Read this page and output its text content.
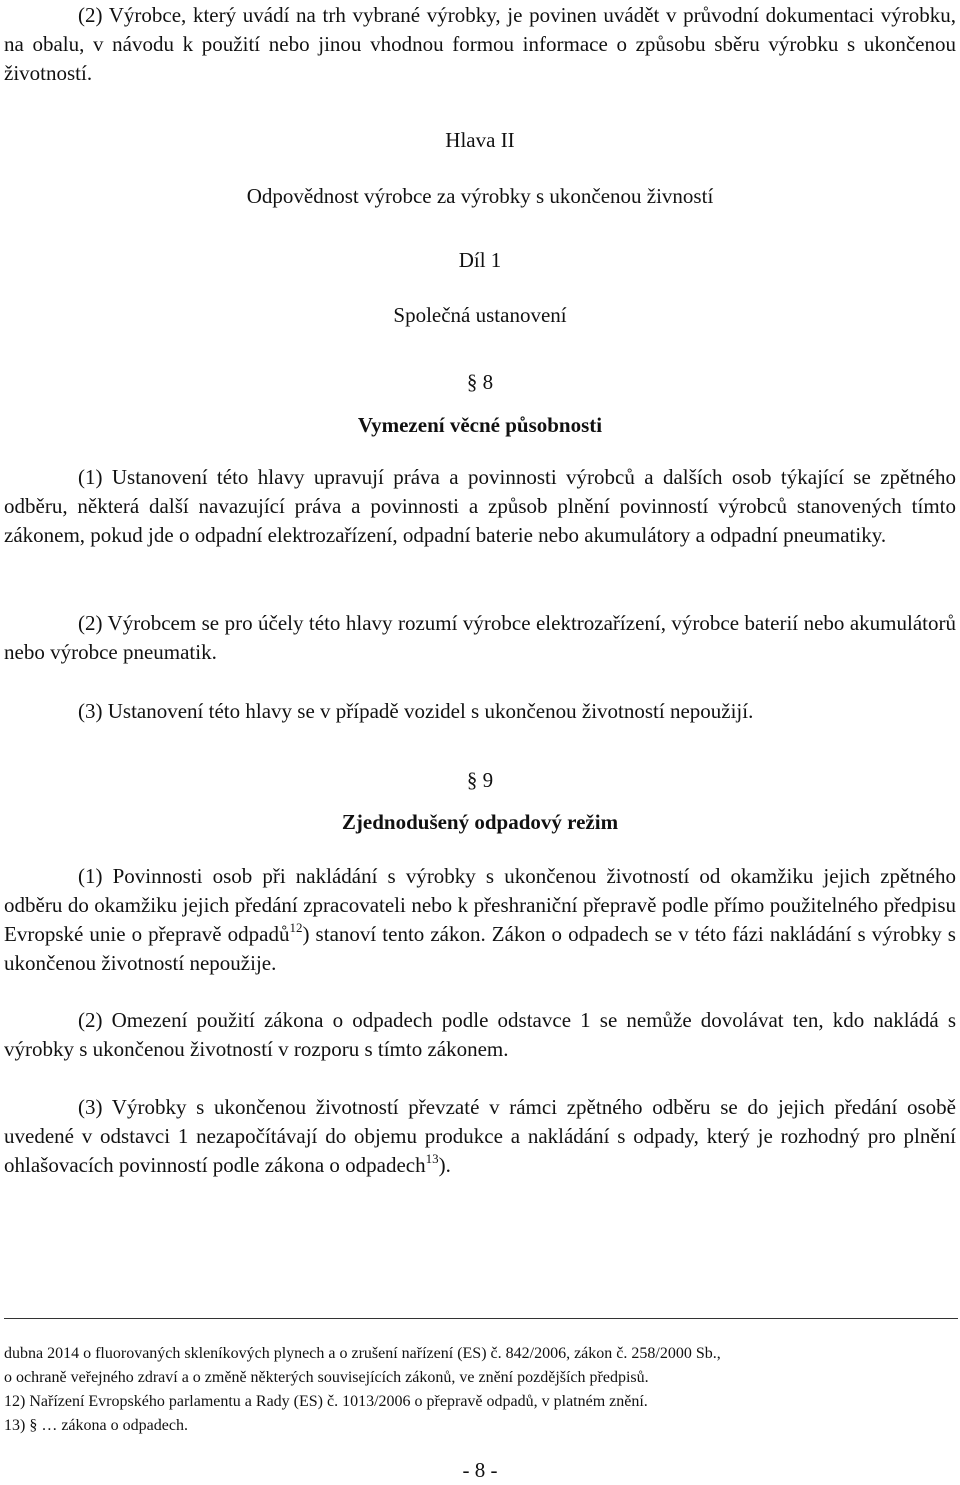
(2) Výrobce, který uvádí na trh vybrané výrobky, je povinen uvádět v průvodní dokumentaci výrobku, na obalu, v návodu k použití nebo jinou vhodnou formou informace o způsobu sběru výrobku s ukončenou životností.

Hlava II

Odpovědnost výrobce za výrobky s ukončenou živností

Díl 1

Společná ustanovení

§ 8

Vymezení věcné působnosti

(1) Ustanovení této hlavy upravují práva a povinnosti výrobců a dalších osob týkající se zpětného odběru, některá další navazující práva a povinnosti a způsob plnění povinností výrobců stanovených tímto zákonem, pokud jde o odpadní elektrozařízení, odpadní baterie nebo akumulátory a odpadní pneumatiky.

(2) Výrobcem se pro účely této hlavy rozumí výrobce elektrozařízení, výrobce baterií nebo akumulátorů nebo výrobce pneumatik.

(3) Ustanovení této hlavy se v případě vozidel s ukončenou životností nepoužijí.

§ 9

Zjednodušený odpadový režim

(1) Povinnosti osob při nakládání s výrobky s ukončenou životností od okamžiku jejich zpětného odběru do okamžiku jejich předání zpracovateli nebo k přeshraniční přepravě podle přímo použitelného předpisu Evropské unie o přepravě odpadů$^{12}$) stanoví tento zákon. Zákon o odpadech se v této fázi nakládání s výrobky s ukončenou životností nepoužije.

(2) Omezení použití zákona o odpadech podle odstavce 1 se nemůže dovolávat ten, kdo nakládá s výrobky s ukončenou životností v rozporu s tímto zákonem.

(3) Výrobky s ukončenou životností převzaté v rámci zpětného odběru se do jejich předání osobě uvedené v odstavci 1 nezapočítávají do objemu produkce a nakládání s odpady, který je rozhodný pro plnění ohlašovacích povinností podle zákona o odpadech$^{13}$).

dubna 2014 o fluorovaných skleníkových plynech a o zrušení nařízení (ES) č. 842/2006, zákon č. 258/2000 Sb.,

o ochraně veřejného zdraví a o změně některých souvisejících zákonů, ve znění pozdějších předpisů.

12) Nařízení Evropského parlamentu a Rady (ES) č. 1013/2006 o přepravě odpadů, v platném znění.

13) § … zákona o odpadech.

- 8 -
